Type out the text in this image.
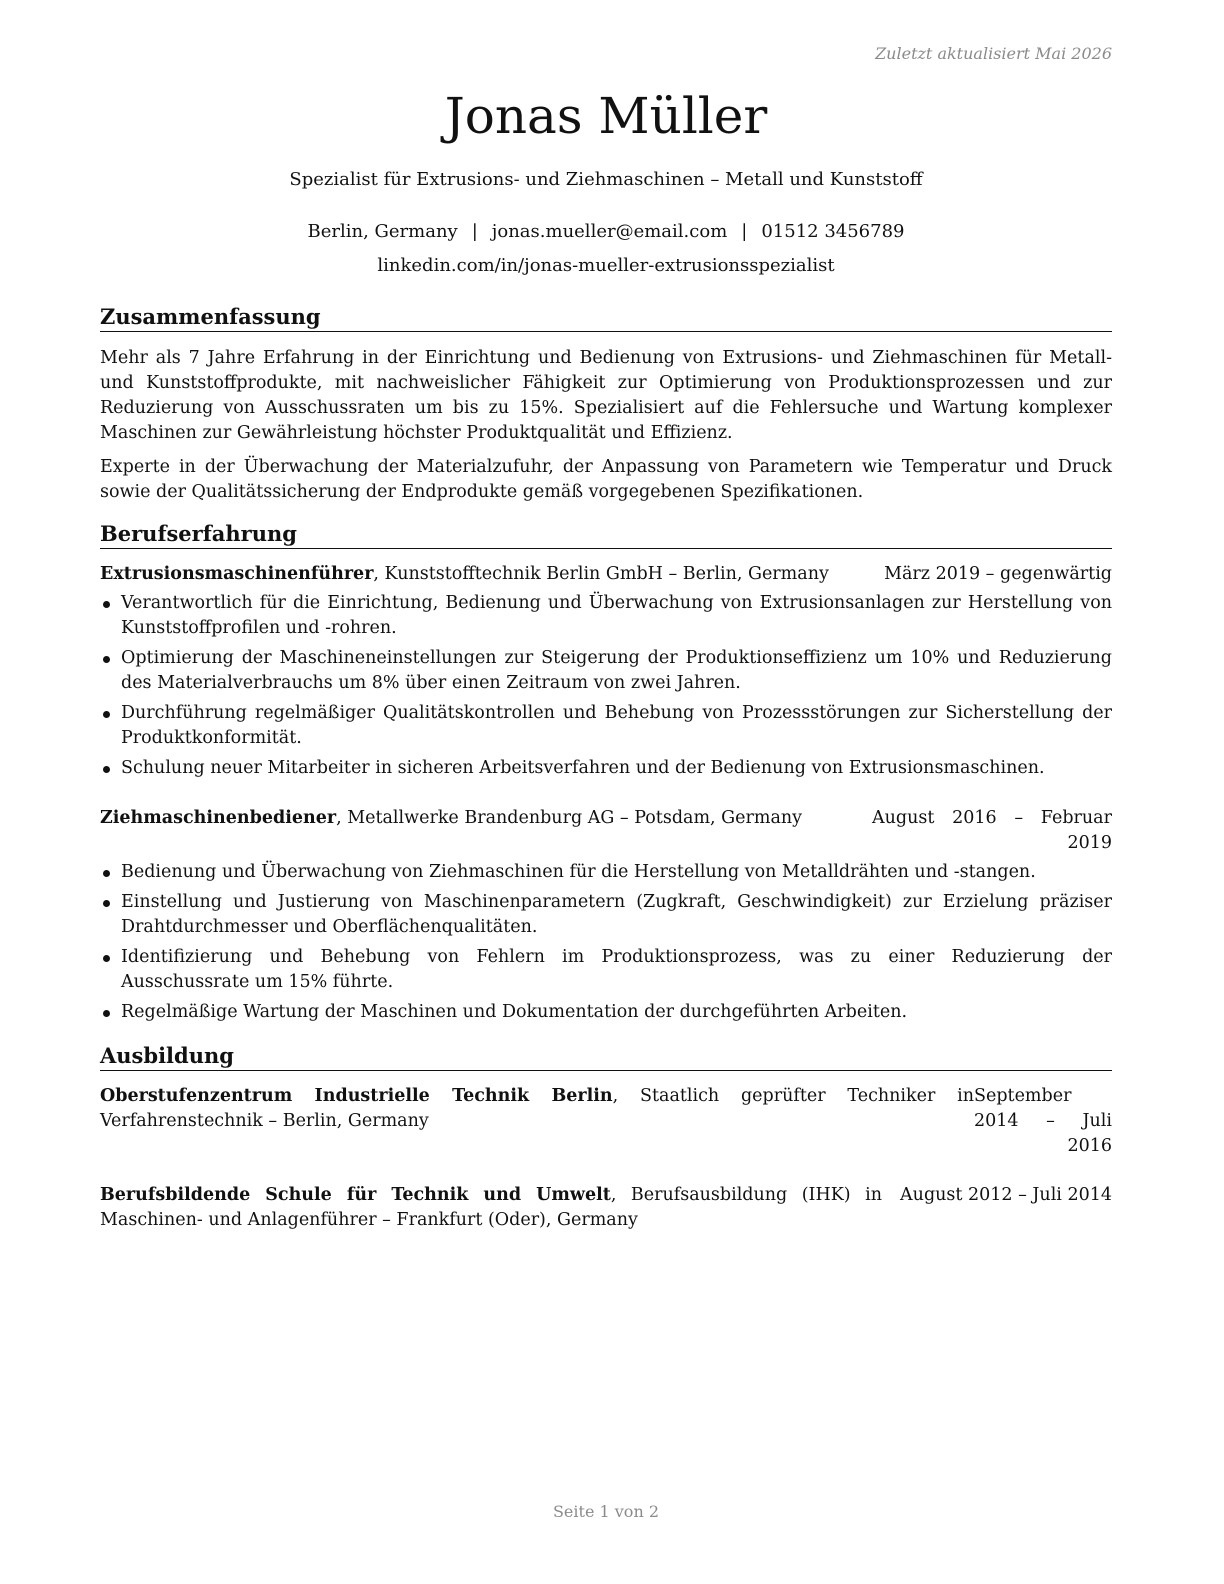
Zuletzt aktualisiert Mai 2026
Jonas Müller
Spezialist für Extrusions- und Ziehmaschinen – Metall und Kunststoff
Berlin, Germany | jonas.mueller@email.com | 01512 3456789
linkedin.com/in/jonas-mueller-extrusionsspezialist
Zusammenfassung

Mehr als 7 Jahre Erfahrung in der Einrichtung und Bedienung von Extrusions- und Ziehmaschinen für Metall- und Kunststoffprodukte, mit nachweislicher Fähigkeit zur Optimierung von Produktionsprozessen und zur Reduzierung von Ausschussraten um bis zu 15%. Spezialisiert auf die Fehlersuche und Wartung komplexer Maschinen zur Gewährleistung höchster Produktqualität und Effizienz.

Experte in der Überwachung der Materialzufuhr, der Anpassung von Parametern wie Temperatur und Druck sowie der Qualitätssicherung der Endprodukte gemäß vorgegebenen Spezifikationen.

Berufserfahrung
Extrusionsmaschinenführer, Kunststofftechnik Berlin GmbH – Berlin, Germany	März 2019 – gegenwärtig
Verantwortlich für die Einrichtung, Bedienung und Überwachung von Extrusionsanlagen zur Herstellung von Kunststoffprofilen und -rohren.
Optimierung der Maschineneinstellungen zur Steigerung der Produktionseffizienz um 10% und Reduzierung des Materialverbrauchs um 8% über einen Zeitraum von zwei Jahren.
Durchführung regelmäßiger Qualitätskontrollen und Behebung von Prozessstörungen zur Sicherstellung der Produktkonformität.
Schulung neuer Mitarbeiter in sicheren Arbeitsverfahren und der Bedienung von Extrusionsmaschinen.
Ziehmaschinenbediener, Metallwerke Brandenburg AG – Potsdam, Germany	August 2016 – Februar 2019
Bedienung und Überwachung von Ziehmaschinen für die Herstellung von Metalldrähten und -stangen.
Einstellung und Justierung von Maschinenparametern (Zugkraft, Geschwindigkeit) zur Erzielung präziser Drahtdurchmesser und Oberflächenqualitäten.
Identifizierung und Behebung von Fehlern im Produktionsprozess, was zu einer Reduzierung der Ausschussrate um 15% führte.
Regelmäßige Wartung der Maschinen und Dokumentation der durchgeführten Arbeiten.
Ausbildung
Oberstufenzentrum Industrielle Technik Berlin, Staatlich geprüfter Techniker in Verfahrenstechnik – Berlin, Germany
September 2014 – Juli 2016
Berufsbildende Schule für Technik und Umwelt, Berufsausbildung (IHK) in Maschinen- und Anlagenführer – Frankfurt (Oder), Germany
August 2012 – Juli 2014
Seite 1 von 2
